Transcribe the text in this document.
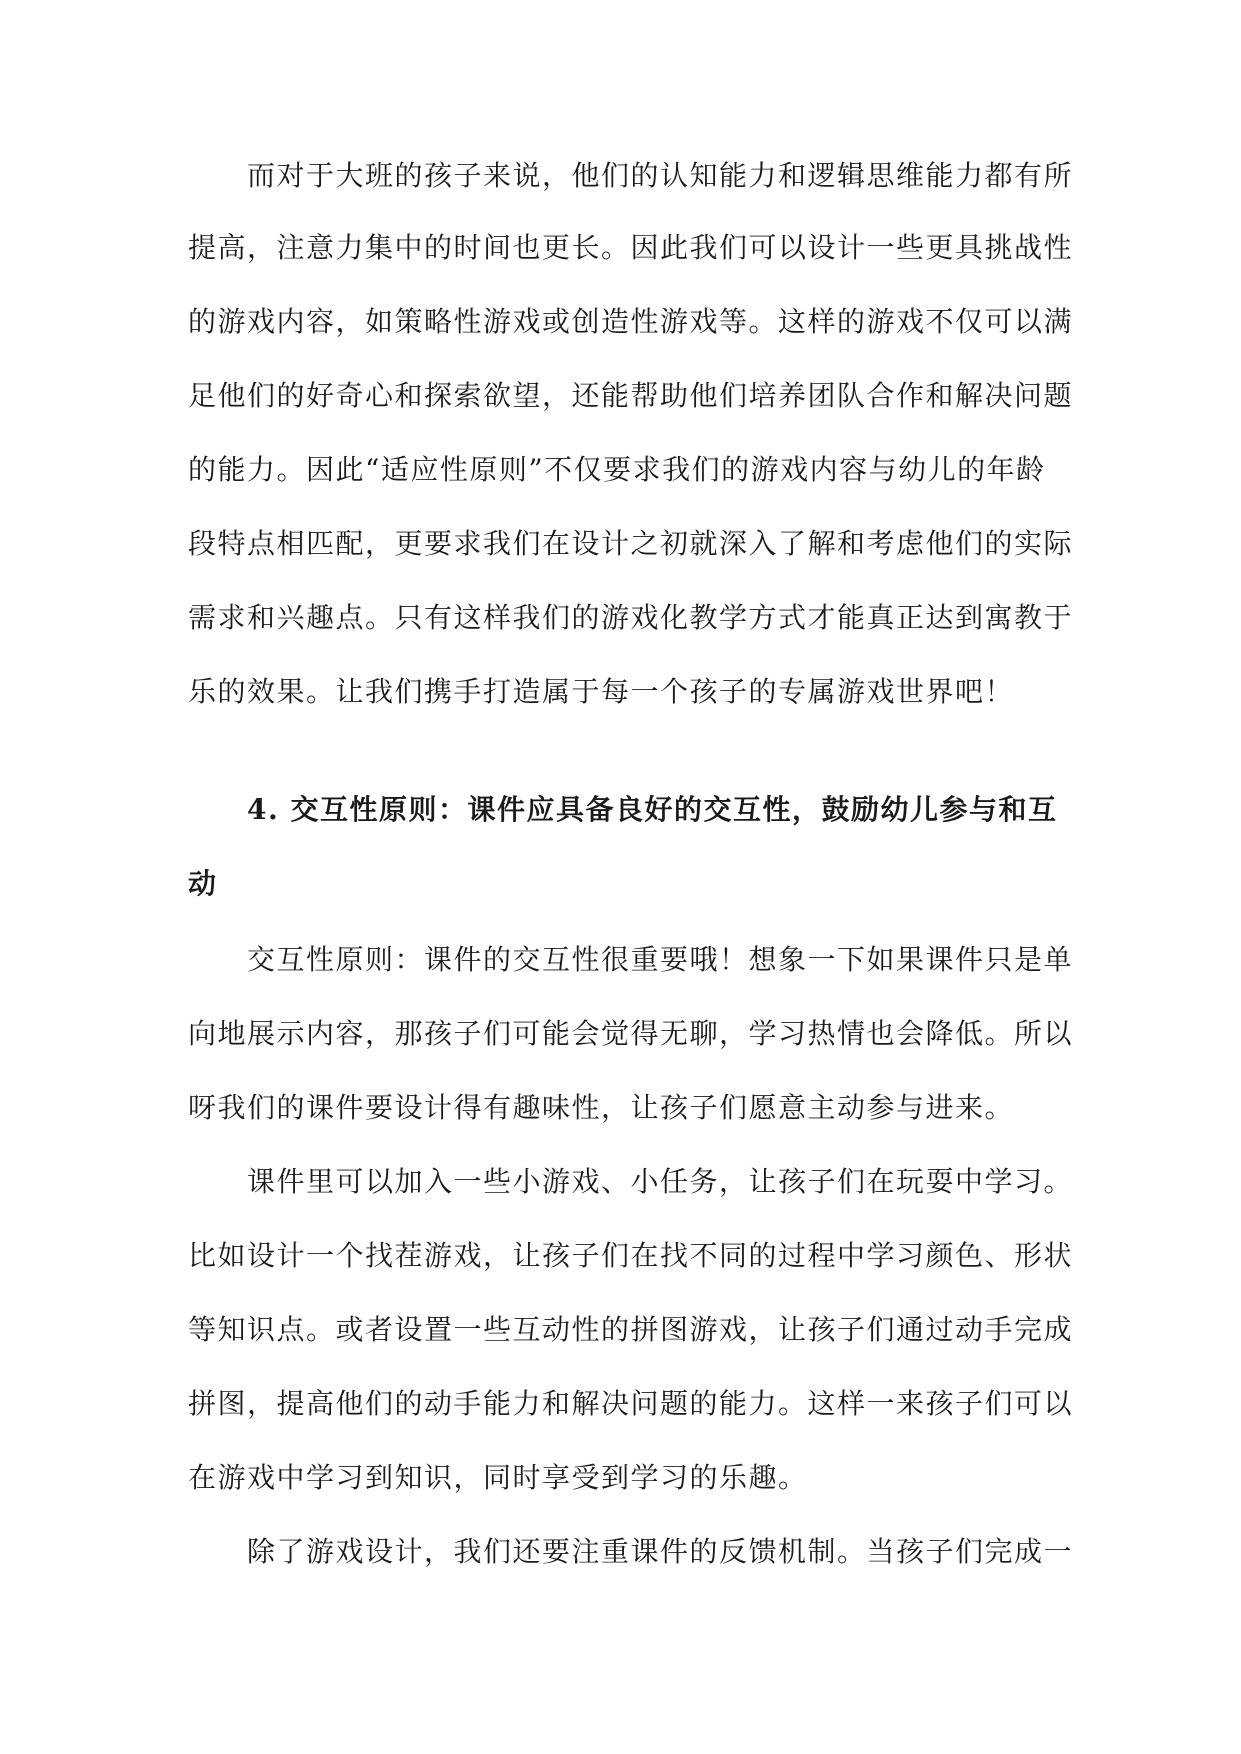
而对于大班的孩子来说，他们的认知能力和逻辑思维能力都有所
提高，注意力集中的时间也更长。因此我们可以设计一些更具挑战性
的游戏内容，如策略性游戏或创造性游戏等。这样的游戏不仅可以满
足他们的好奇心和探索欲望，还能帮助他们培养团队合作和解决问题
的能力。因此“适应性原则”不仅要求我们的游戏内容与幼儿的年龄
段特点相匹配，更要求我们在设计之初就深入了解和考虑他们的实际
需求和兴趣点。只有这样我们的游戏化教学方式才能真正达到寓教于
乐的效果。让我们携手打造属于每一个孩子的专属游戏世界吧！
4. 交互性原则：课件应具备良好的交互性，鼓励幼儿参与和互
动
交互性原则：课件的交互性很重要哦！想象一下如果课件只是单
向地展示内容，那孩子们可能会觉得无聊，学习热情也会降低。所以
呀我们的课件要设计得有趣味性，让孩子们愿意主动参与进来。
课件里可以加入一些小游戏、小任务，让孩子们在玩耍中学习。
比如设计一个找茬游戏，让孩子们在找不同的过程中学习颜色、形状
等知识点。或者设置一些互动性的拼图游戏，让孩子们通过动手完成
拼图，提高他们的动手能力和解决问题的能力。这样一来孩子们可以
在游戏中学习到知识，同时享受到学习的乐趣。
除了游戏设计，我们还要注重课件的反馈机制。当孩子们完成一
